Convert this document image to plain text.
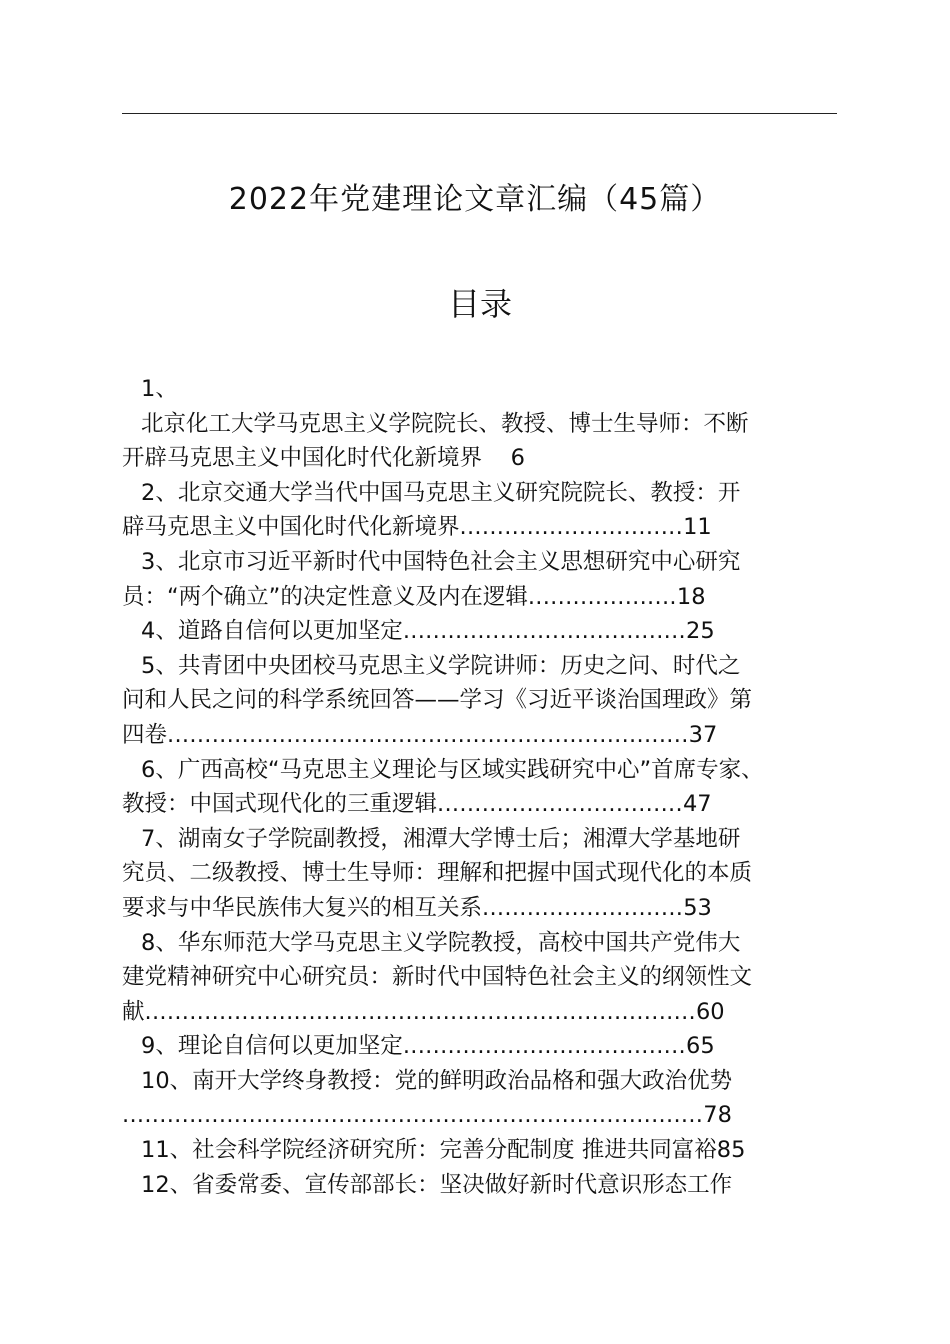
2022年党建理论文章汇编（45篇）
目录
1、
北京化工大学马克思主义学院院长、教授、博士生导师：不断
开辟马克思主义中国化时代化新境界    6
2、北京交通大学当代中国马克思主义研究院院长、教授：开
辟马克思主义中国化时代化新境界..............................11
3、北京市习近平新时代中国特色社会主义思想研究中心研究
员：“两个确立”的决定性意义及内在逻辑....................18
4、道路自信何以更加坚定......................................25
5、共青团中央团校马克思主义学院讲师：历史之问、时代之
问和人民之问的科学系统回答——学习《习近平谈治国理政》第
四卷......................................................................37
6、广西高校“马克思主义理论与区域实践研究中心”首席专家、
教授：中国式现代化的三重逻辑.................................47
7、湖南女子学院副教授，湘潭大学博士后；湘潭大学基地研
究员、二级教授、博士生导师：理解和把握中国式现代化的本质
要求与中华民族伟大复兴的相互关系...........................53
8、华东师范大学马克思主义学院教授，高校中国共产党伟大
建党精神研究中心研究员：新时代中国特色社会主义的纲领性文
献..........................................................................60
9、理论自信何以更加坚定......................................65
10、南开大学终身教授：党的鲜明政治品格和强大政治优势
..............................................................................78
11、社会科学院经济研究所：完善分配制度 推进共同富裕85
12、省委常委、宣传部部长：坚决做好新时代意识形态工作
